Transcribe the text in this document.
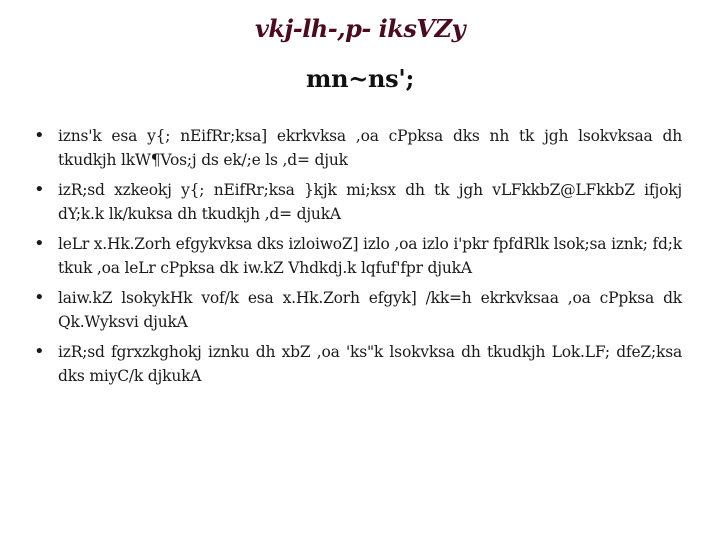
vkj-lh-,p- iksVZy
mn~ns';
• izns'k esa y{; nEifRr;ksa] ekrkvksa ,oa cPpksa dks nh tk jgh lsokvksaa dh tkudkjh lkW¶Vos;j ds ek/;e ls ,d= djuk
• izR;sd xzkeokj y{; nEifRr;ksa }kjk mi;ksx dh tk jgh vLFkkbZ@LFkkbZ ifjokj dY;k.k lk/kuksa dh tkudkjh ,d= djukA
• leLr x.Hk.Zorh efgykvksa dks izloiwoZ] izlo ,oa izlo i'pkr fpfdRlk lsok;sa iznk; fd;k tkuk ,oa leLr cPpksa dk iw.kZ Vhdkdj.k lqfuf'fpr djukA
• laiw.kZ lsokykHk vof/k esa x.Hk.Zorh efgyk] /kk=h ekrkvksaa ,oa cPpksa dk Qk.Wyksvi djukA
• izR;sd fgrxzkghokj iznku dh xbZ ,oa 'ks"k lsokvksa dh tkudkjh Lok.LF; dfeZ;ksa dks miyC/k djkukA
